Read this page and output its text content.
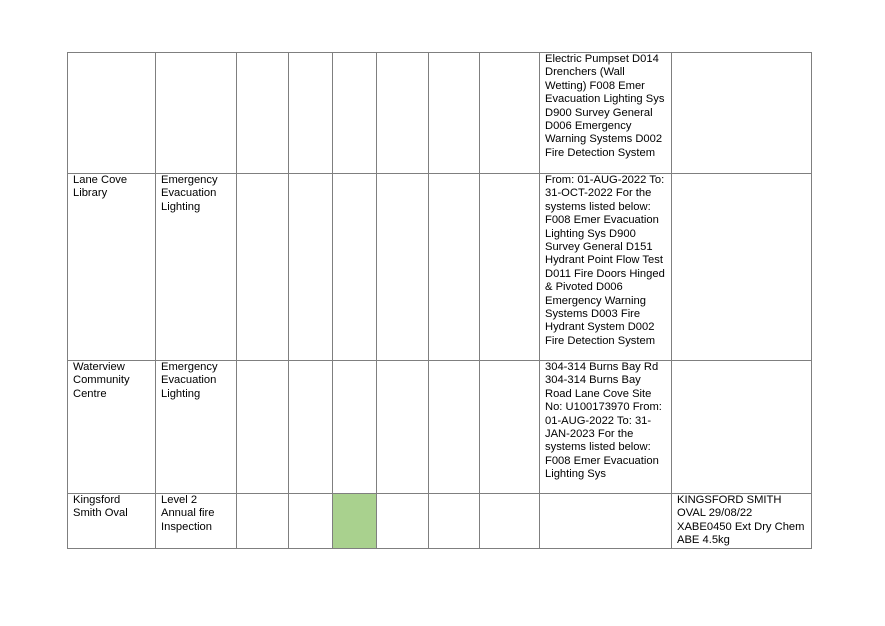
								Electric Pumpset D014 Drenchers (Wall Wetting) F008 Emer Evacuation Lighting Sys D900 Survey General D006 Emergency Warning Systems D002 Fire Detection System	

Lane Cove Library	Emergency Evacuation Lighting							From: 01-AUG-2022 To: 31-OCT-2022 For the systems listed below: F008 Emer Evacuation Lighting Sys D900 Survey General D151 Hydrant Point Flow Test D011 Fire Doors Hinged & Pivoted D006 Emergency Warning Systems D003 Fire Hydrant System D002 Fire Detection System	

Waterview Community Centre	Emergency Evacuation Lighting							304-314 Burns Bay Rd 304-314 Burns Bay Road Lane Cove Site No: U100173970 From: 01-AUG-2022 To: 31-JAN-2023 For the systems listed below: F008 Emer Evacuation Lighting Sys	

Kingsford Smith Oval	Level 2 Annual fire Inspection								KINGSFORD SMITH OVAL 29/08/22 XABE0450 Ext Dry Chem ABE 4.5kg
